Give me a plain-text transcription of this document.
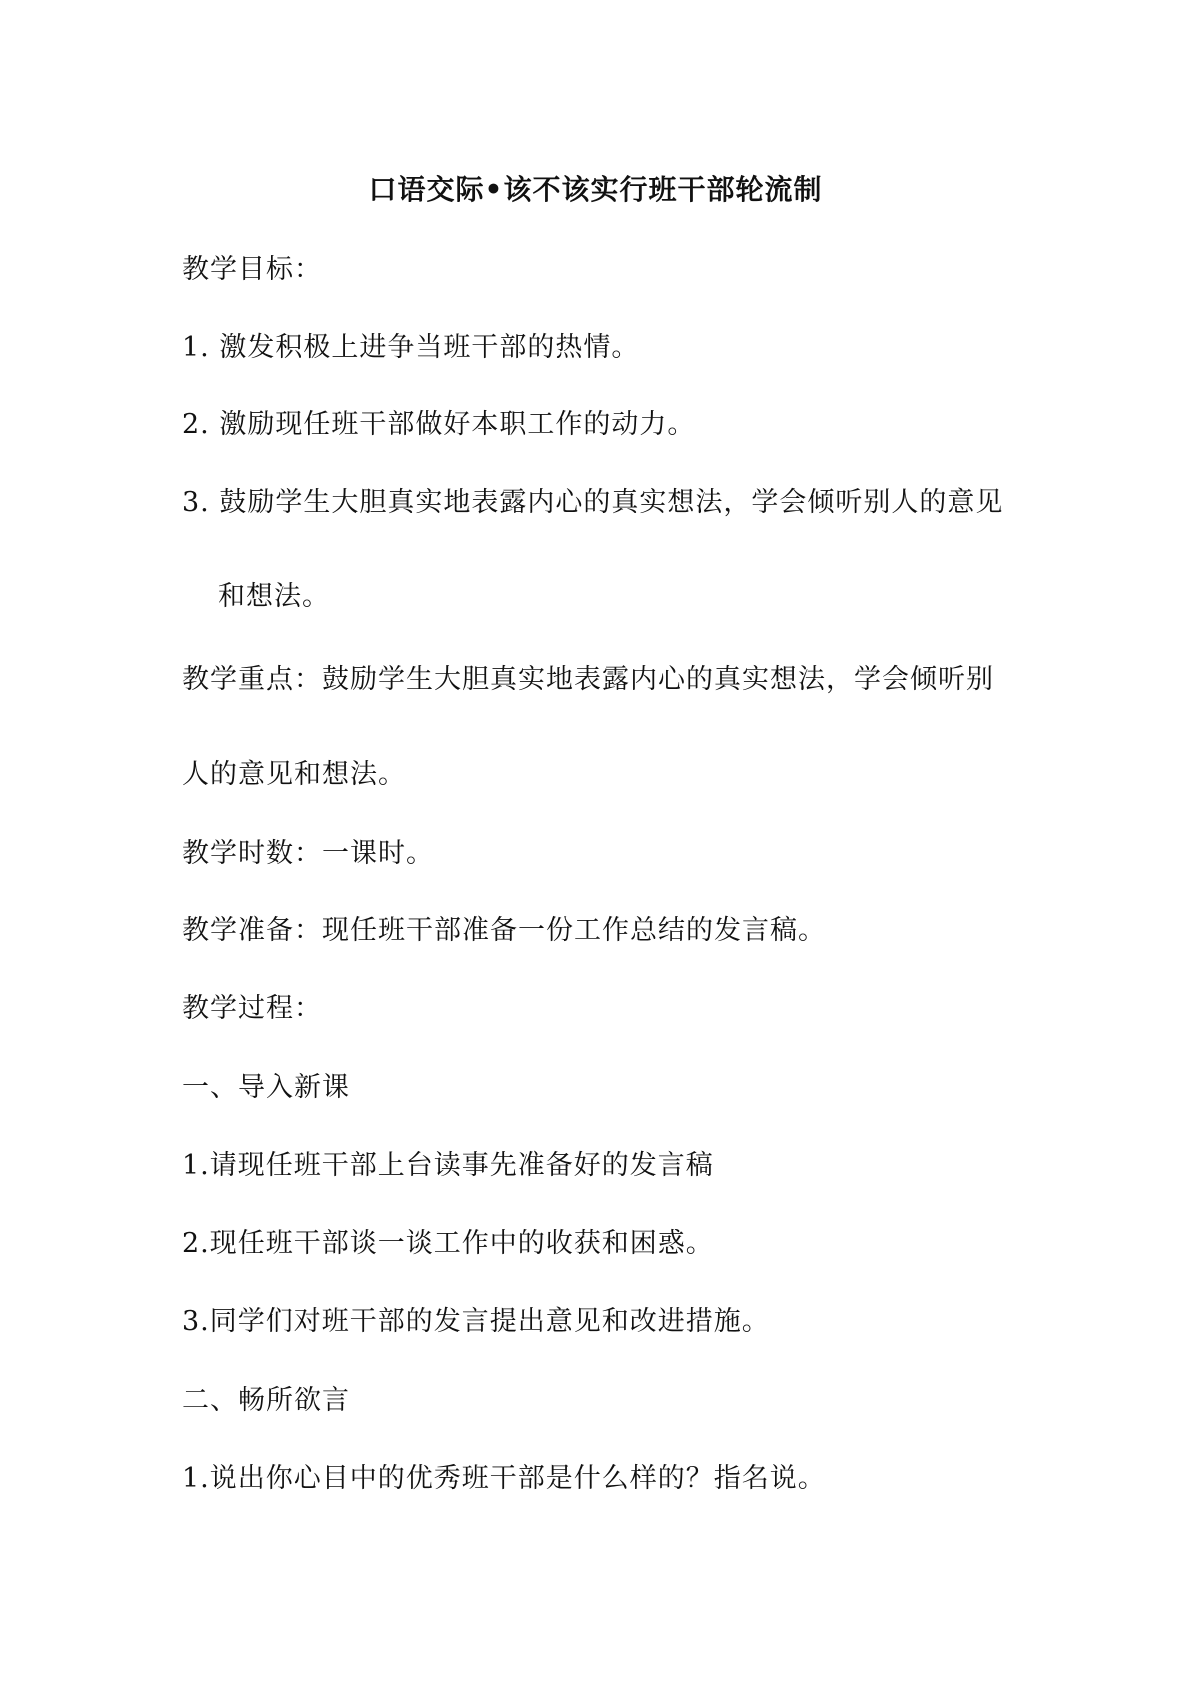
口语交际•该不该实行班干部轮流制
教学目标：
1. 激发积极上进争当班干部的热情。
2. 激励现任班干部做好本职工作的动力。
3. 鼓励学生大胆真实地表露内心的真实想法，学会倾听别人的意见
和想法。
教学重点：鼓励学生大胆真实地表露内心的真实想法，学会倾听别
人的意见和想法。
教学时数：一课时。
教学准备：现任班干部准备一份工作总结的发言稿。
教学过程：
一、导入新课
1.请现任班干部上台读事先准备好的发言稿
2.现任班干部谈一谈工作中的收获和困惑。
3.同学们对班干部的发言提出意见和改进措施。
二、畅所欲言
1.说出你心目中的优秀班干部是什么样的？指名说。
